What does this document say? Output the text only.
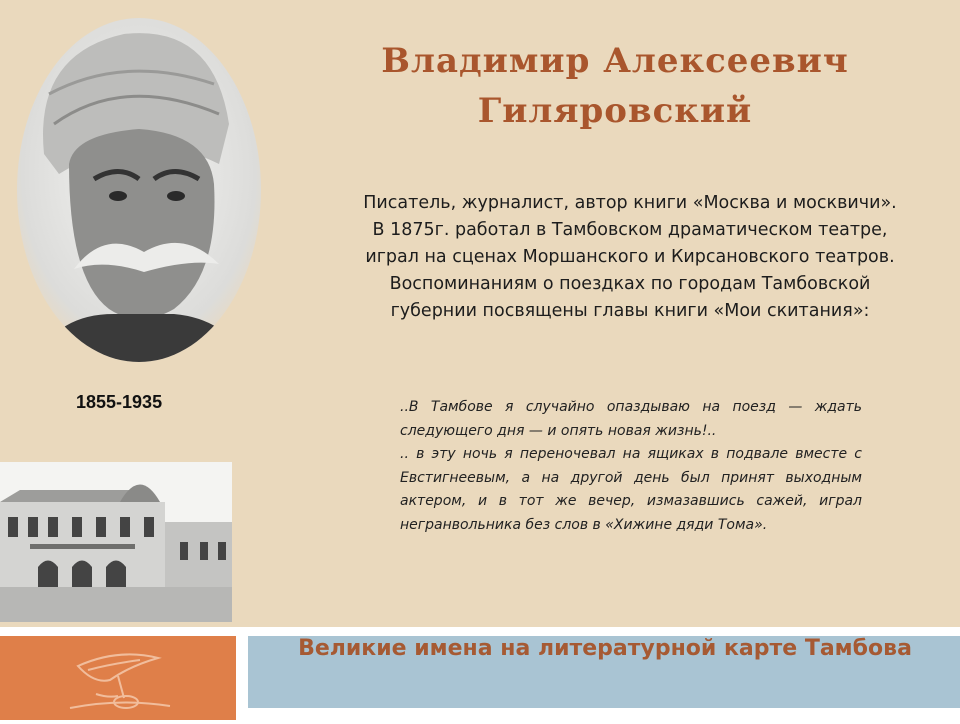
1855-1935
Владимир Алексеевич
Гиляровский
Писатель, журналист, автор книги «Москва и москвичи».
В 1875г. работал в Тамбовском драматическом театре,
играл на сценах Моршанского и Кирсановского театров.
Воспоминаниям о поездках по городам Тамбовской
губернии посвящены главы книги «Мои скитания»:

..В Тамбове я случайно опаздываю на поезд — ждать следующего дня — и опять новая жизнь!..

.. в эту ночь я переночевал на ящиках в подвале вместе с Евстигнеевым, а на другой день был принят выходным актером, и в тот же вечер, измазавшись сажей, играл негранвольника без слов в «Хижине дяди Тома».

Великие имена на литературной карте Тамбова
